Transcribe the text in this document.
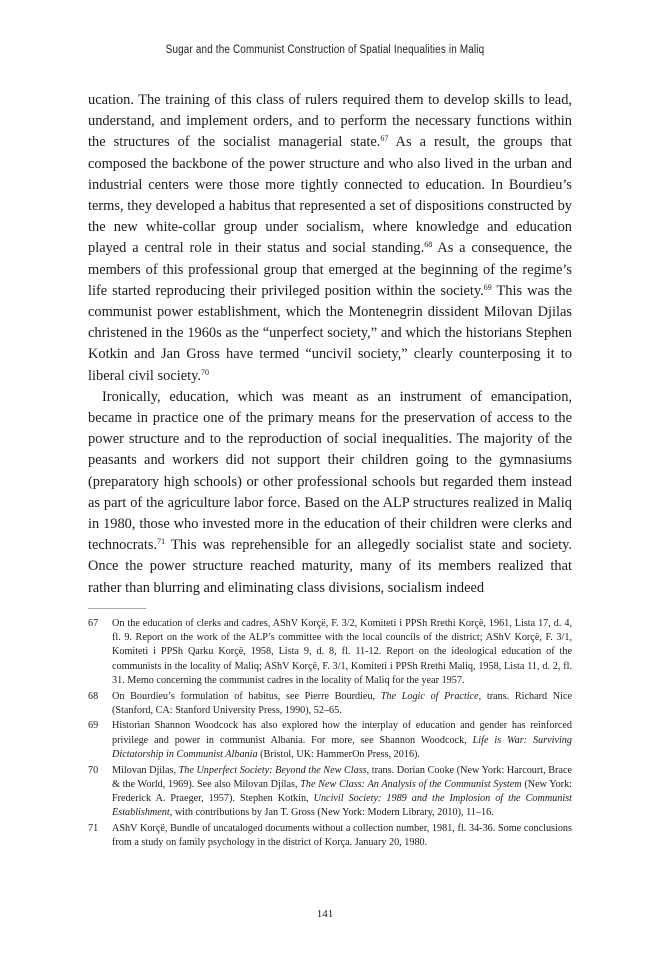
Sugar and the Communist Construction of Spatial Inequalities in Maliq

ucation. The training of this class of rulers required them to develop skills to lead, understand, and implement orders, and to perform the necessary functions within the structures of the socialist managerial state.$^{67}$ As a result, the groups that composed the backbone of the power structure and who also lived in the urban and industrial centers were those more tightly connected to education. In Bourdieu’s terms, they developed a habitus that represented a set of dispositions constructed by the new white-collar group under socialism, where knowledge and education played a central role in their status and social standing.$^{68}$ As a consequence, the members of this professional group that emerged at the beginning of the regime’s life started reproducing their privileged position within the society.$^{69}$ This was the communist power establishment, which the Montenegrin dissident Milovan Djilas christened in the 1960s as the “unperfect society,” and which the historians Stephen Kotkin and Jan Gross have termed “uncivil society,” clearly counterposing it to liberal civil society.$^{70}$

Ironically, education, which was meant as an instrument of emancipation, became in practice one of the primary means for the preservation of access to the power structure and to the reproduction of social inequalities. The majority of the peasants and workers did not support their children going to the gymnasiums (preparatory high schools) or other professional schools but regarded them instead as part of the agriculture labor force. Based on the ALP structures realized in Maliq in 1980, those who invested more in the education of their children were clerks and technocrats.$^{71}$ This was reprehensible for an allegedly socialist state and society. Once the power structure reached maturity, many of its members realized that rather than blurring and eliminating class divisions, socialism indeed

67 On the education of clerks and cadres, AShV Korçë, F. 3/2, Komiteti i PPSh Rrethi Korçë, 1961, Lista 17, d. 4, fl. 9. Report on the work of the ALP’s committee with the local councils of the district; AShV Korçë, F. 3/1, Komiteti i PPSh Qarku Korçë, 1958, Lista 9, d. 8, fl. 11-12. Report on the ideological education of the communists in the locality of Maliq; AShV Korçë, F. 3/1, Komiteti i PPSh Rrethi Maliq, 1958, Lista 11, d. 2, fl. 31. Memo concerning the communist cadres in the locality of Maliq for the year 1957.
68 On Bourdieu’s formulation of habitus, see Pierre Bourdieu, The Logic of Practice, trans. Richard Nice (Stanford, CA: Stanford University Press, 1990), 52–65.
69 Historian Shannon Woodcock has also explored how the interplay of education and gender has reinforced privilege and power in communist Albania. For more, see Shannon Woodcock, Life is War: Surviving Dictatorship in Communist Albania (Bristol, UK: HammerOn Press, 2016).
70 Milovan Djilas, The Unperfect Society: Beyond the New Class, trans. Dorian Cooke (New York: Harcourt, Brace & the World, 1969). See also Milovan Djilas, The New Class: An Analysis of the Communist System (New York: Frederick A. Praeger, 1957). Stephen Kotkin, Uncivil Society: 1989 and the Implosion of the Communist Establishment, with contributions by Jan T. Gross (New York: Modern Library, 2010), 11–16.
71 AShV Korçë, Bundle of uncataloged documents without a collection number, 1981, fl. 34-36. Some conclusions from a study on family psychology in the district of Korça. January 20, 1980.
141
